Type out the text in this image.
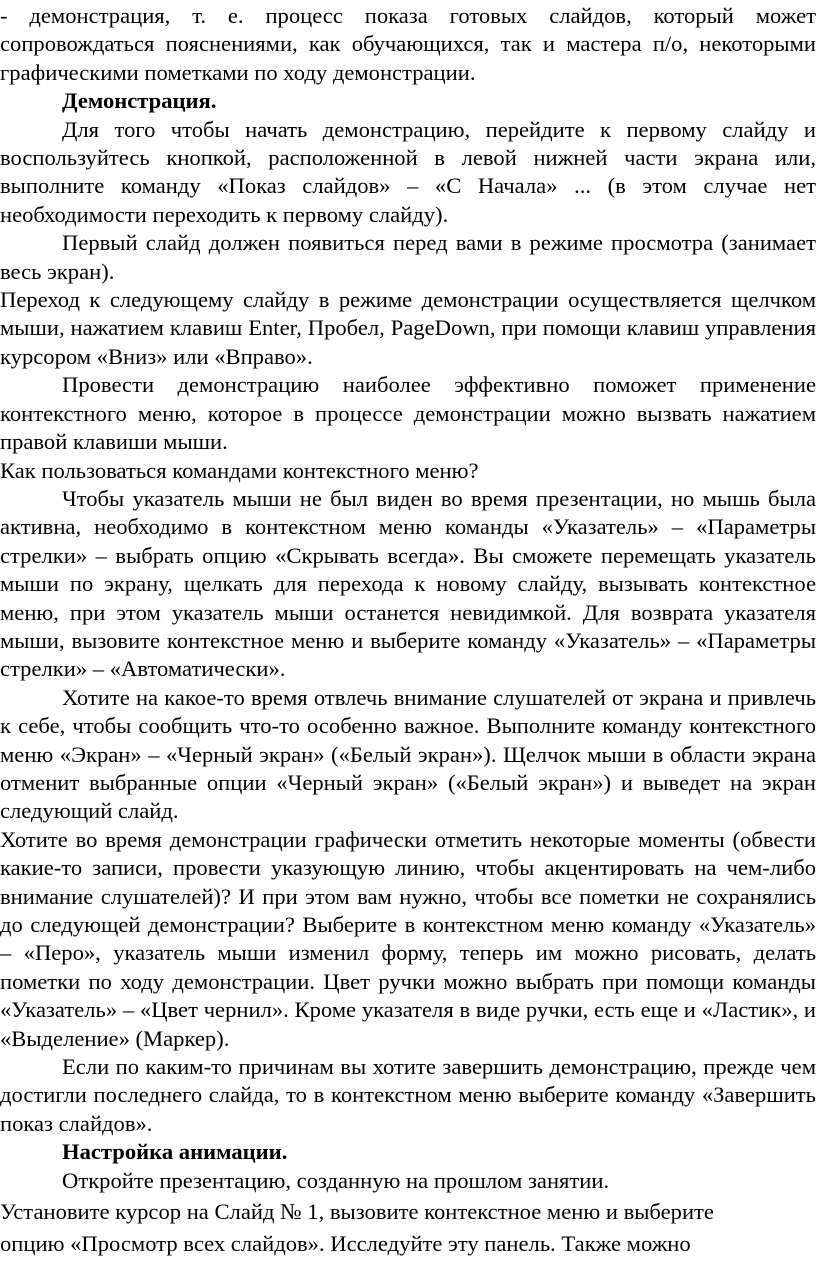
- демонстрация, т. е. процесс показа готовых слайдов, который может сопровождаться пояснениями, как обучающихся, так и мастера п/о, некоторыми графическими пометками по ходу демонстрации.

Демонстрация.

Для того чтобы начать демонстрацию, перейдите к первому слайду и воспользуйтесь кнопкой, расположенной в левой нижней части экрана или, выполните команду «Показ слайдов» – «С Начала» ... (в этом случае нет необходимости переходить к первому слайду).

Первый слайд должен появиться перед вами в режиме просмотра (занимает весь экран).

Переход к следующему слайду в режиме демонстрации осуществляется щелчком мыши, нажатием клавиш Enter, Пробел, PageDown, при помощи клавиш управления курсором «Вниз» или «Вправо».

Провести демонстрацию наиболее эффективно поможет применение контекстного меню, которое в процессе демонстрации можно вызвать нажатием правой клавиши мыши.

Как пользоваться командами контекстного меню?

Чтобы указатель мыши не был виден во время презентации, но мышь была активна, необходимо в контекстном меню команды «Указатель» – «Параметры стрелки» – выбрать опцию «Скрывать всегда». Вы сможете перемещать указатель мыши по экрану, щелкать для перехода к новому слайду, вызывать контекстное меню, при этом указатель мыши останется невидимкой. Для возврата указателя мыши, вызовите контекстное меню и выберите команду «Указатель» – «Параметры стрелки» – «Автоматически».

Хотите на какое-то время отвлечь внимание слушателей от экрана и привлечь к себе, чтобы сообщить что-то особенно важное. Выполните команду контекстного меню «Экран» – «Черный экран» («Белый экран»). Щелчок мыши в области экрана отменит выбранные опции «Черный экран» («Белый экран») и выведет на экран следующий слайд.

Хотите во время демонстрации графически отметить некоторые моменты (обвести какие-то записи, провести указующую линию, чтобы акцентировать на чем-либо внимание слушателей)? И при этом вам нужно, чтобы все пометки не сохранялись до следующей демонстрации? Выберите в контекстном меню команду «Указатель» – «Перо», указатель мыши изменил форму, теперь им можно рисовать, делать пометки по ходу демонстрации. Цвет ручки можно выбрать при помощи команды «Указатель» – «Цвет чернил». Кроме указателя в виде ручки, есть еще и «Ластик», и «Выделение» (Маркер).

Если по каким-то причинам вы хотите завершить демонстрацию, прежде чем достигли последнего слайда, то в контекстном меню выберите команду «Завершить показ слайдов».

Настройка анимации.

Откройте презентацию, созданную на прошлом занятии.

Установите курсор на Слайд № 1, вызовите контекстное меню и выберите

опцию «Просмотр всех слайдов». Исследуйте эту панель. Также можно
